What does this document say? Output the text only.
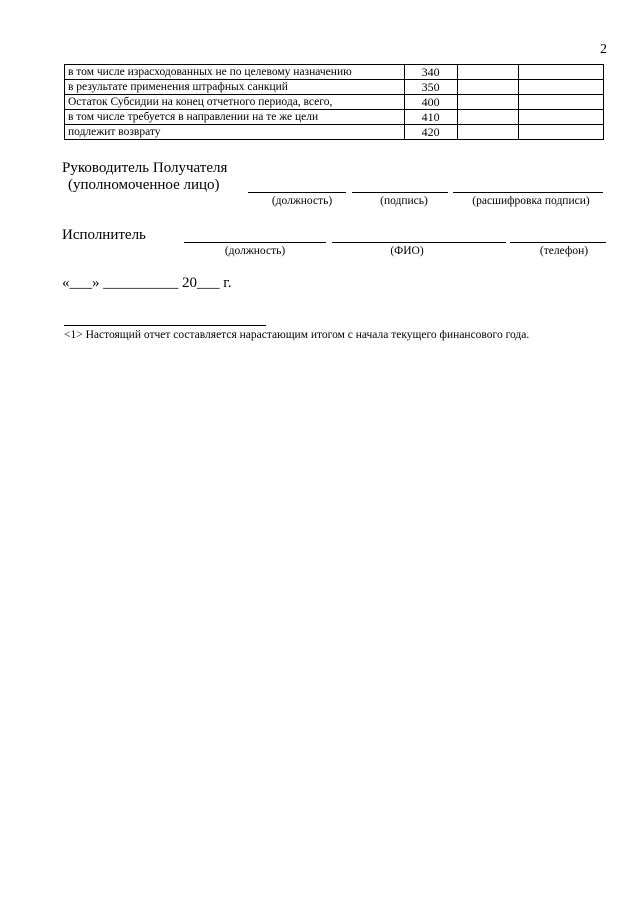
2
в том числе израсходованных не по целевому назначению	340		
в результате применения штрафных санкций	350		
Остаток Субсидии на конец отчетного периода, всего,	400		
в том числе требуется в направлении на те же цели	410		
подлежит возврату	420		
Руководитель Получателя
(уполномоченное лицо)
(должность)	(подпись)	(расшифровка подписи)
Исполнитель
(должность)	(ФИО)	(телефон)
«___» __________ 20___ г.
<1> Настоящий отчет составляется нарастающим итогом с начала текущего финансового года.
